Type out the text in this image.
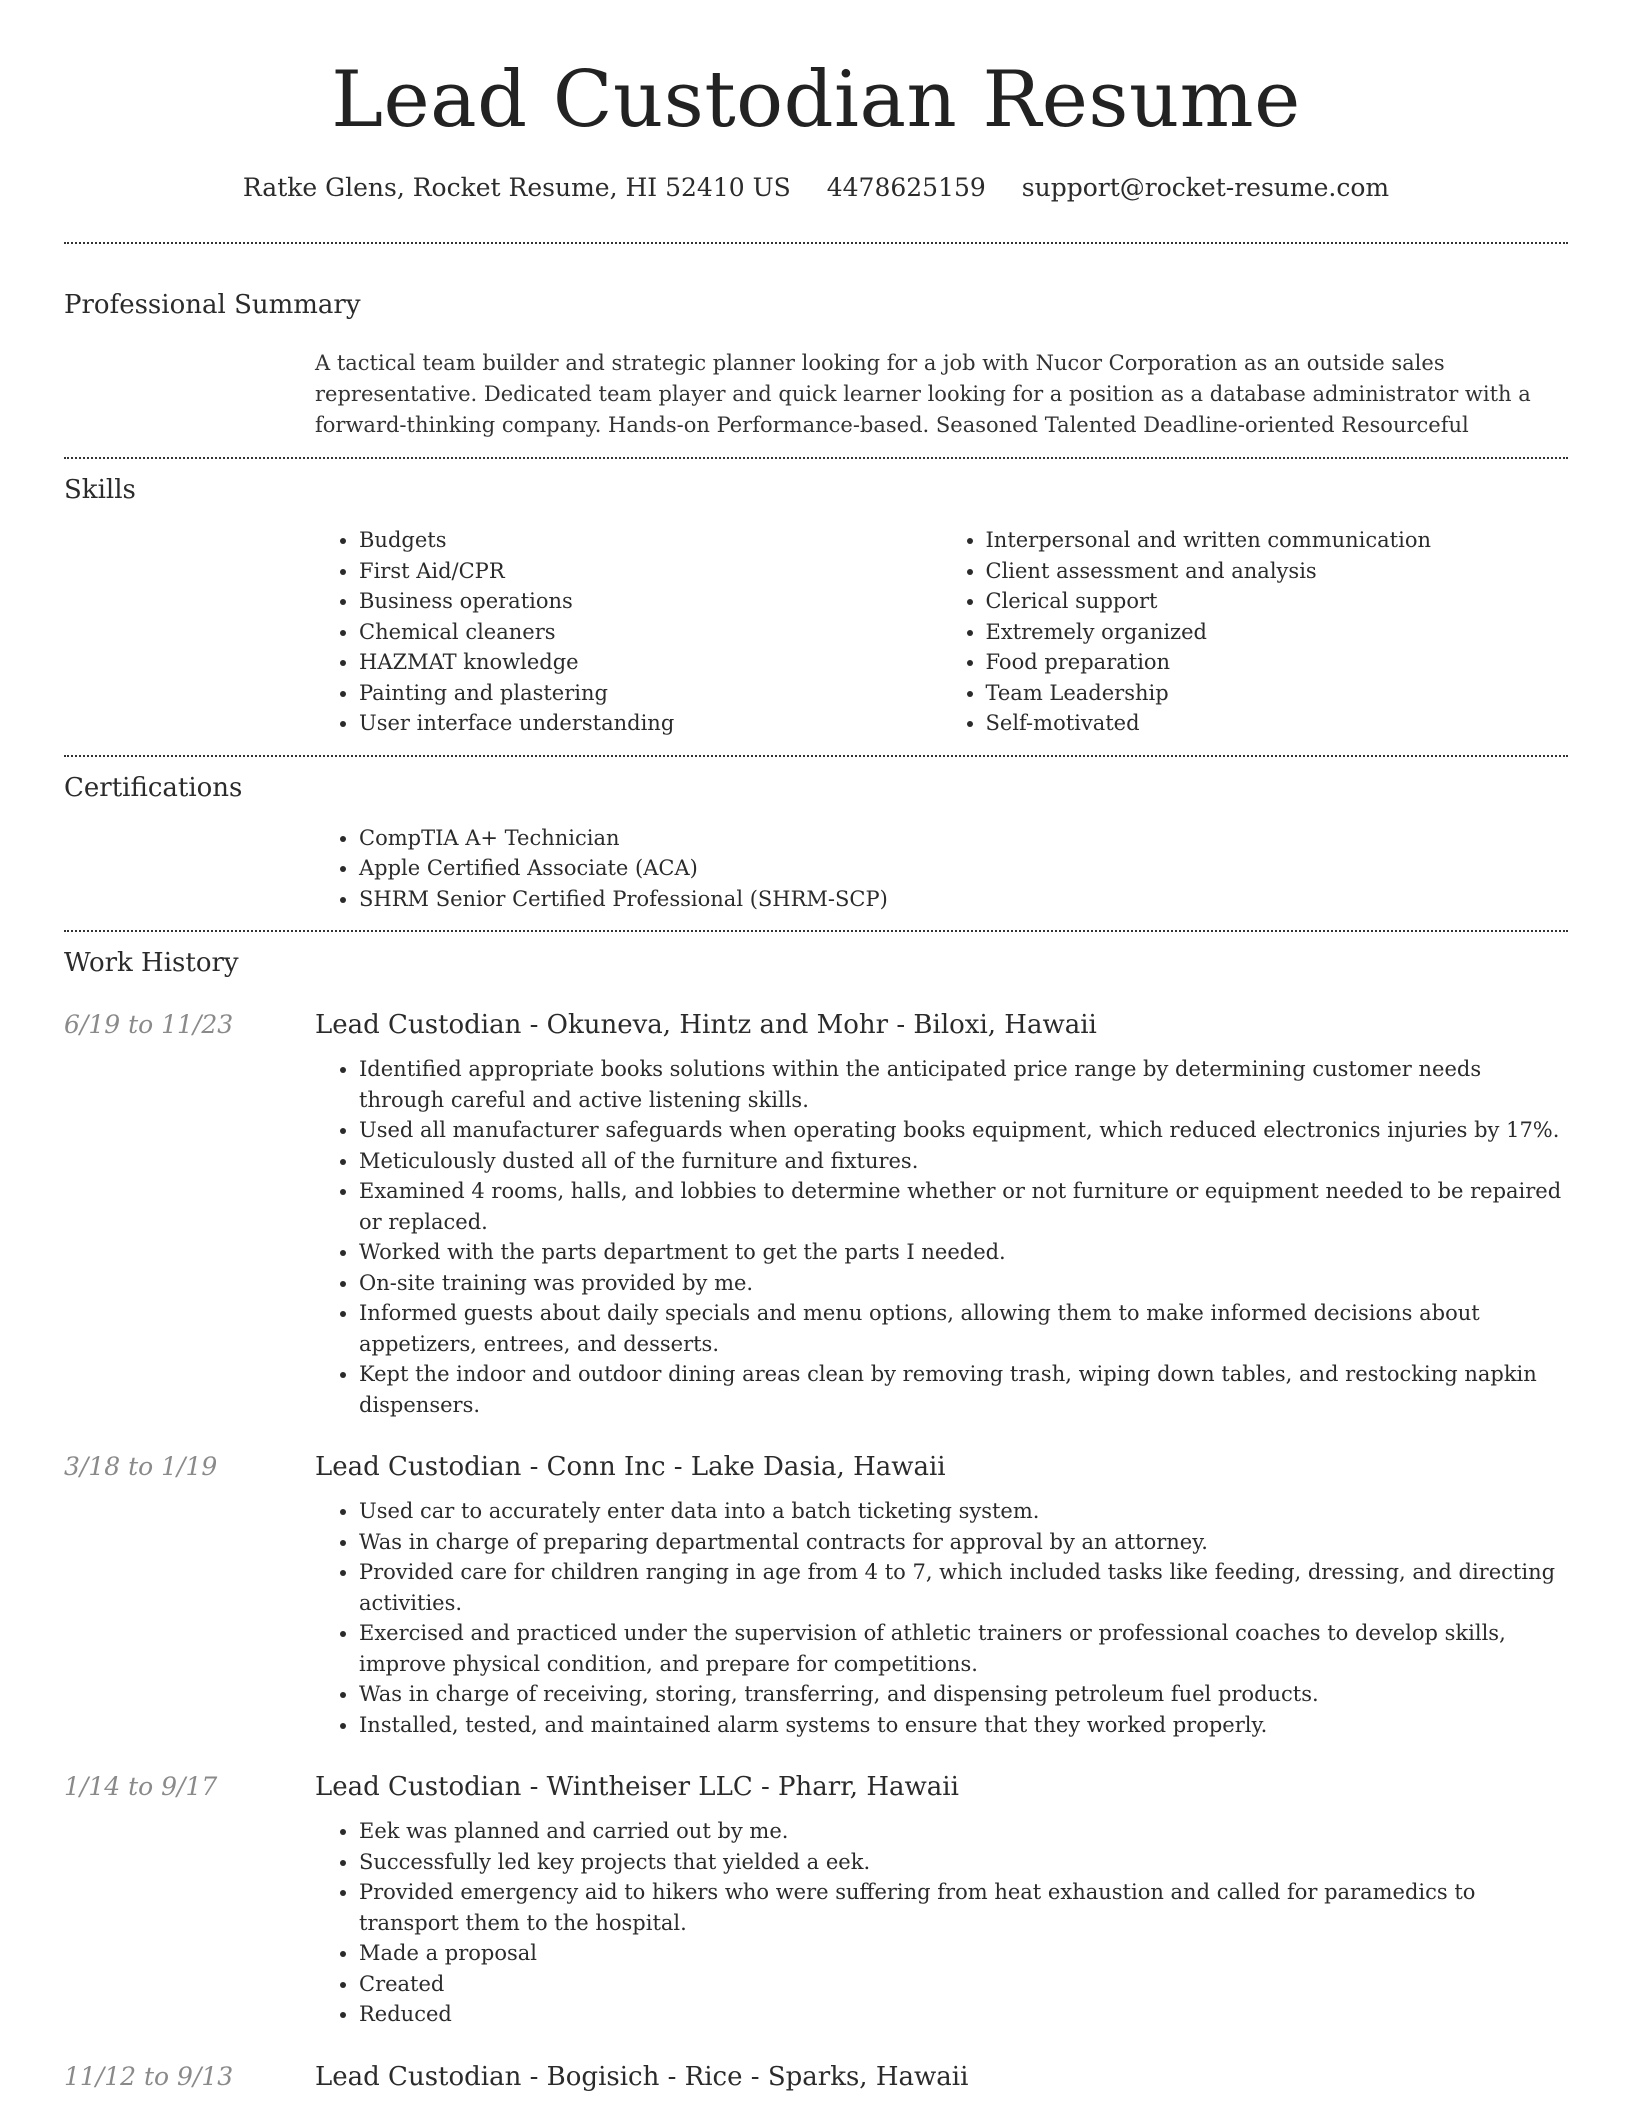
Lead Custodian Resume
Ratke Glens, Rocket Resume, HI 52410 US 4478625159 support@rocket-resume.com
Professional Summary

A tactical team builder and strategic planner looking for a job with Nucor Corporation as an outside sales representative. Dedicated team player and quick learner looking for a position as a database administrator with a forward-thinking company. Hands-on Performance-based. Seasoned Talented Deadline-oriented Resourceful

Skills
• Budgets
• First Aid/CPR
• Business operations
• Chemical cleaners
• HAZMAT knowledge
• Painting and plastering
• User interface understanding
• Interpersonal and written communication
• Client assessment and analysis
• Clerical support
• Extremely organized
• Food preparation
• Team Leadership
• Self-motivated
Certifications
• CompTIA A+ Technician
• Apple Certified Associate (ACA)
• SHRM Senior Certified Professional (SHRM-SCP)
Work History
6/19 to 11/23	Lead Custodian - Okuneva, Hintz and Mohr - Biloxi, Hawaii
• Identified appropriate books solutions within the anticipated price range by determining customer needs through careful and active listening skills.
• Used all manufacturer safeguards when operating books equipment, which reduced electronics injuries by 17%.
• Meticulously dusted all of the furniture and fixtures.
• Examined 4 rooms, halls, and lobbies to determine whether or not furniture or equipment needed to be repaired or replaced.
• Worked with the parts department to get the parts I needed.
• On-site training was provided by me.
• Informed guests about daily specials and menu options, allowing them to make informed decisions about appetizers, entrees, and desserts.
• Kept the indoor and outdoor dining areas clean by removing trash, wiping down tables, and restocking napkin dispensers.
3/18 to 1/19	Lead Custodian - Conn Inc - Lake Dasia, Hawaii
• Used car to accurately enter data into a batch ticketing system.
• Was in charge of preparing departmental contracts for approval by an attorney.
• Provided care for children ranging in age from 4 to 7, which included tasks like feeding, dressing, and directing activities.
• Exercised and practiced under the supervision of athletic trainers or professional coaches to develop skills, improve physical condition, and prepare for competitions.
• Was in charge of receiving, storing, transferring, and dispensing petroleum fuel products.
• Installed, tested, and maintained alarm systems to ensure that they worked properly.
1/14 to 9/17	Lead Custodian - Wintheiser LLC - Pharr, Hawaii
• Eek was planned and carried out by me.
• Successfully led key projects that yielded a eek.
• Provided emergency aid to hikers who were suffering from heat exhaustion and called for paramedics to transport them to the hospital.
• Made a proposal
• Created
• Reduced
11/12 to 9/13	Lead Custodian - Bogisich - Rice - Sparks, Hawaii
